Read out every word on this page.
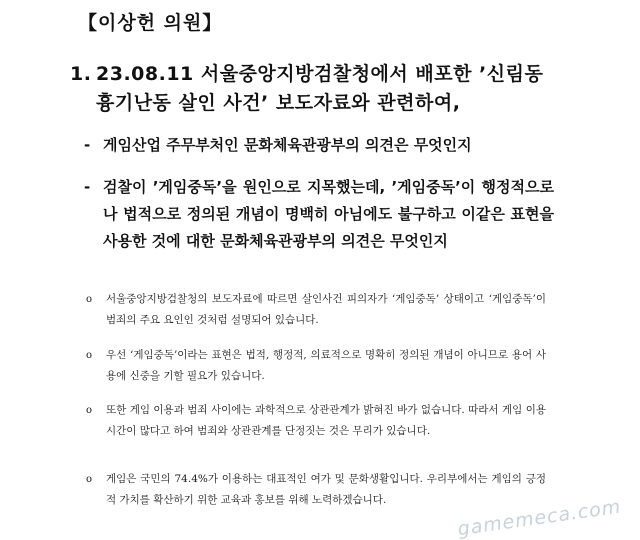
【이상헌 의원】
1. 23.08.11 서울중앙지방검찰청에서 배포한 ’신림동
흉기난동 살인 사건’ 보도자료와 관련하여,
- 게임산업 주무부처인 문화체육관광부의 의견은 무엇인지
- 검찰이 ’게임중독’을 원인으로 지목했는데, ’게임중독’이 행정적으로나 법적으로 정의된 개념이 명백히 아님에도 불구하고 이같은 표현을 사용한 것에 대한 문화체육관광부의 의견은 무엇인지
o	서울중앙지방검찰청의 보도자료에 따르면 살인사건 피의자가 ‘게임중독’ 상태이고 ‘게임중독’이 범죄의 주요 요인인 것처럼 설명되어 있습니다.
o	우선 ‘게임중독’이라는 표현은 법적, 행정적, 의료적으로 명확히 정의된 개념이 아니므로 용어 사용에 신중을 기할 필요가 있습니다.
o	또한 게임 이용과 범죄 사이에는 과학적으로 상관관계가 밝혀진 바가 없습니다. 따라서 게임 이용시간이 많다고 하여 범죄와 상관관계를 단정짓는 것은 무리가 있습니다.
o	게임은 국민의 74.4%가 이용하는 대표적인 여가 및 문화생활입니다. 우리부에서는 게임의 긍정적 가치를 확산하기 위한 교육과 홍보를 위해 노력하겠습니다.	gamemeca.com
